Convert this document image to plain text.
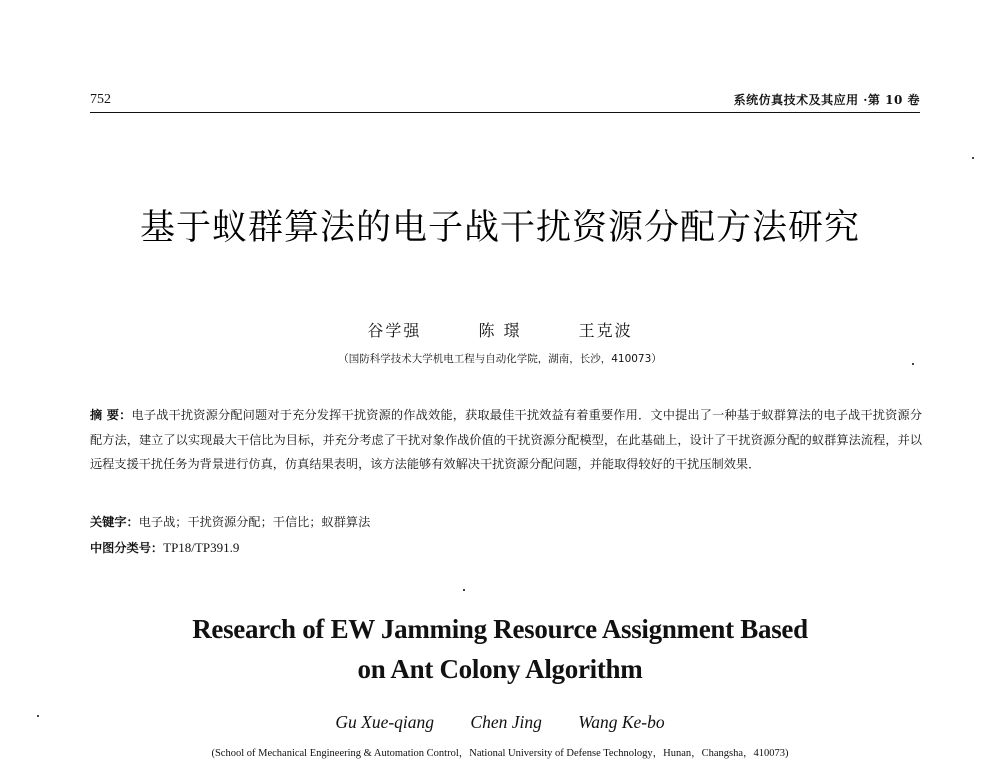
752	系统仿真技术及其应用 ·第 10 卷
基于蚁群算法的电子战干扰资源分配方法研究
谷学强	陈 璟	王克波
（国防科学技术大学机电工程与自动化学院，湖南，长沙，410073）
摘 要：电子战干扰资源分配问题对于充分发挥干扰资源的作战效能，获取最佳干扰效益有着重要作用．文中提出了一种基于蚁群算法的电子战干扰资源分配方法，建立了以实现最大干信比为目标，并充分考虑了干扰对象作战价值的干扰资源分配模型，在此基础上，设计了干扰资源分配的蚁群算法流程，并以远程支援干扰任务为背景进行仿真，仿真结果表明，该方法能够有效解决干扰资源分配问题，并能取得较好的干扰压制效果．
关键字：电子战；干扰资源分配；干信比；蚁群算法
中图分类号：TP18/TP391.9
Research of EW Jamming Resource Assignment Based
on Ant Colony Algorithm
Gu Xue-qiang Chen Jing Wang Ke-bo
(School of Mechanical Engineering & Automation Control，National University of Defense Technology，Hunan，Changsha，410073)
